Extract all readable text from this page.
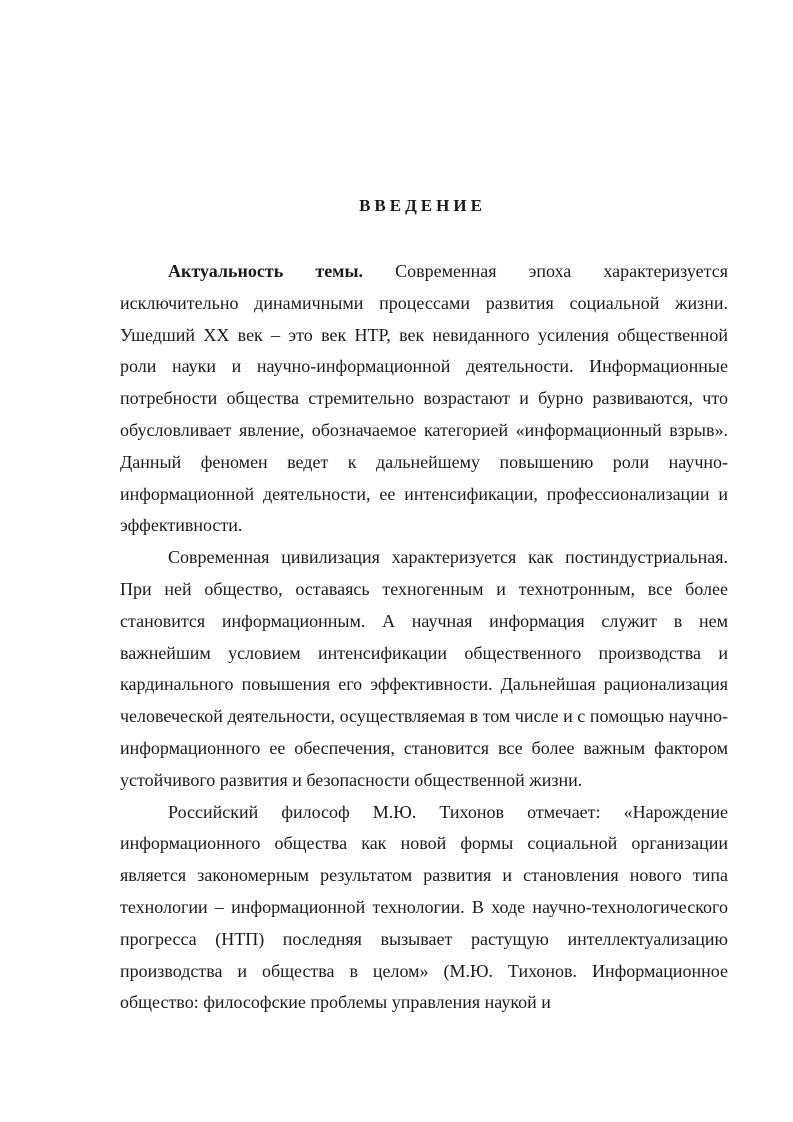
ВВЕДЕНИЕ

Актуальность темы. Современная эпоха характеризуется исключительно динамичными процессами развития социальной жизни. Ушедший XX век – это век НТР, век невиданного усиления общественной роли науки и научно-информационной деятельности. Информационные потребности общества стремительно возрастают и бурно развиваются, что обусловливает явление, обозначаемое категорией «информационный взрыв». Данный феномен ведет к дальнейшему повышению роли научно-информационной деятельности, ее интенсификации, профессионализации и эффективности.

Современная цивилизация характеризуется как постиндустриальная. При ней общество, оставаясь техногенным и технотронным, все более становится информационным. А научная информация служит в нем важнейшим условием интенсификации общественного производства и кардинального повышения его эффективности. Дальнейшая рационализация человеческой деятельности, осуществляемая в том числе и с помощью научно-информационного ее обеспечения, становится все более важным фактором устойчивого развития и безопасности общественной жизни.

Российский философ М.Ю. Тихонов отмечает: «Нарождение информационного общества как новой формы социальной организации является закономерным результатом развития и становления нового типа технологии – информационной технологии. В ходе научно-технологического прогресса (НТП) последняя вызывает растущую интеллектуализацию производства и общества в целом» (М.Ю. Тихонов. Информационное общество: философские проблемы управления наукой и
